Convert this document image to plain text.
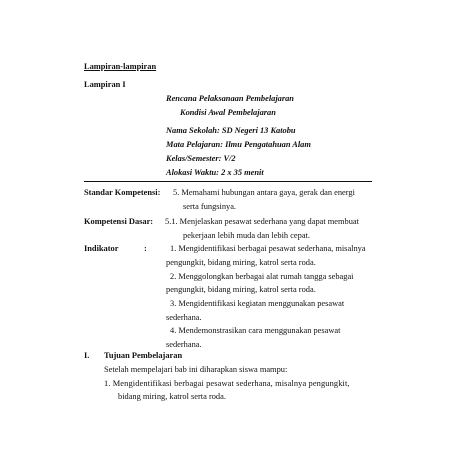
Lampiran-lampiran
Lampiran I
Rencana Pelaksanaan Pembelajaran
Kondisi Awal Pembelajaran
Nama Sekolah: SD Negeri 13 Katobu
Mata Pelajaran: Ilmu Pengatahuan Alam
Kelas/Semester: V/2
Alokasi Waktu: 2 x 35 menit
Standar Kompetensi: 5. Memahami hubungan antara gaya, gerak dan energi
serta fungsinya.
Kompetensi Dasar: 5.1. Menjelaskan pesawat sederhana yang dapat membuat
pekerjaan lebih muda dan lebih cepat.
Indikator	:	1. Mengidentifikasi berbagai pesawat sederhana, misalnya
pengungkit, bidang miring, katrol serta roda.
2. Menggolongkan berbagai alat rumah tangga sebagai
pengungkit, bidang miring, katrol serta roda.
3. Mengidentifikasi kegiatan menggunakan pesawat
sederhana.
4. Mendemonstrasikan cara menggunakan pesawat
sederhana.
I. Tujuan Pembelajaran
Setelah mempelajari bab ini diharapkan siswa mampu:
1. Mengidentifikasi berbagai pesawat sederhana, misalnya pengungkit,
bidang miring, katrol serta roda.
